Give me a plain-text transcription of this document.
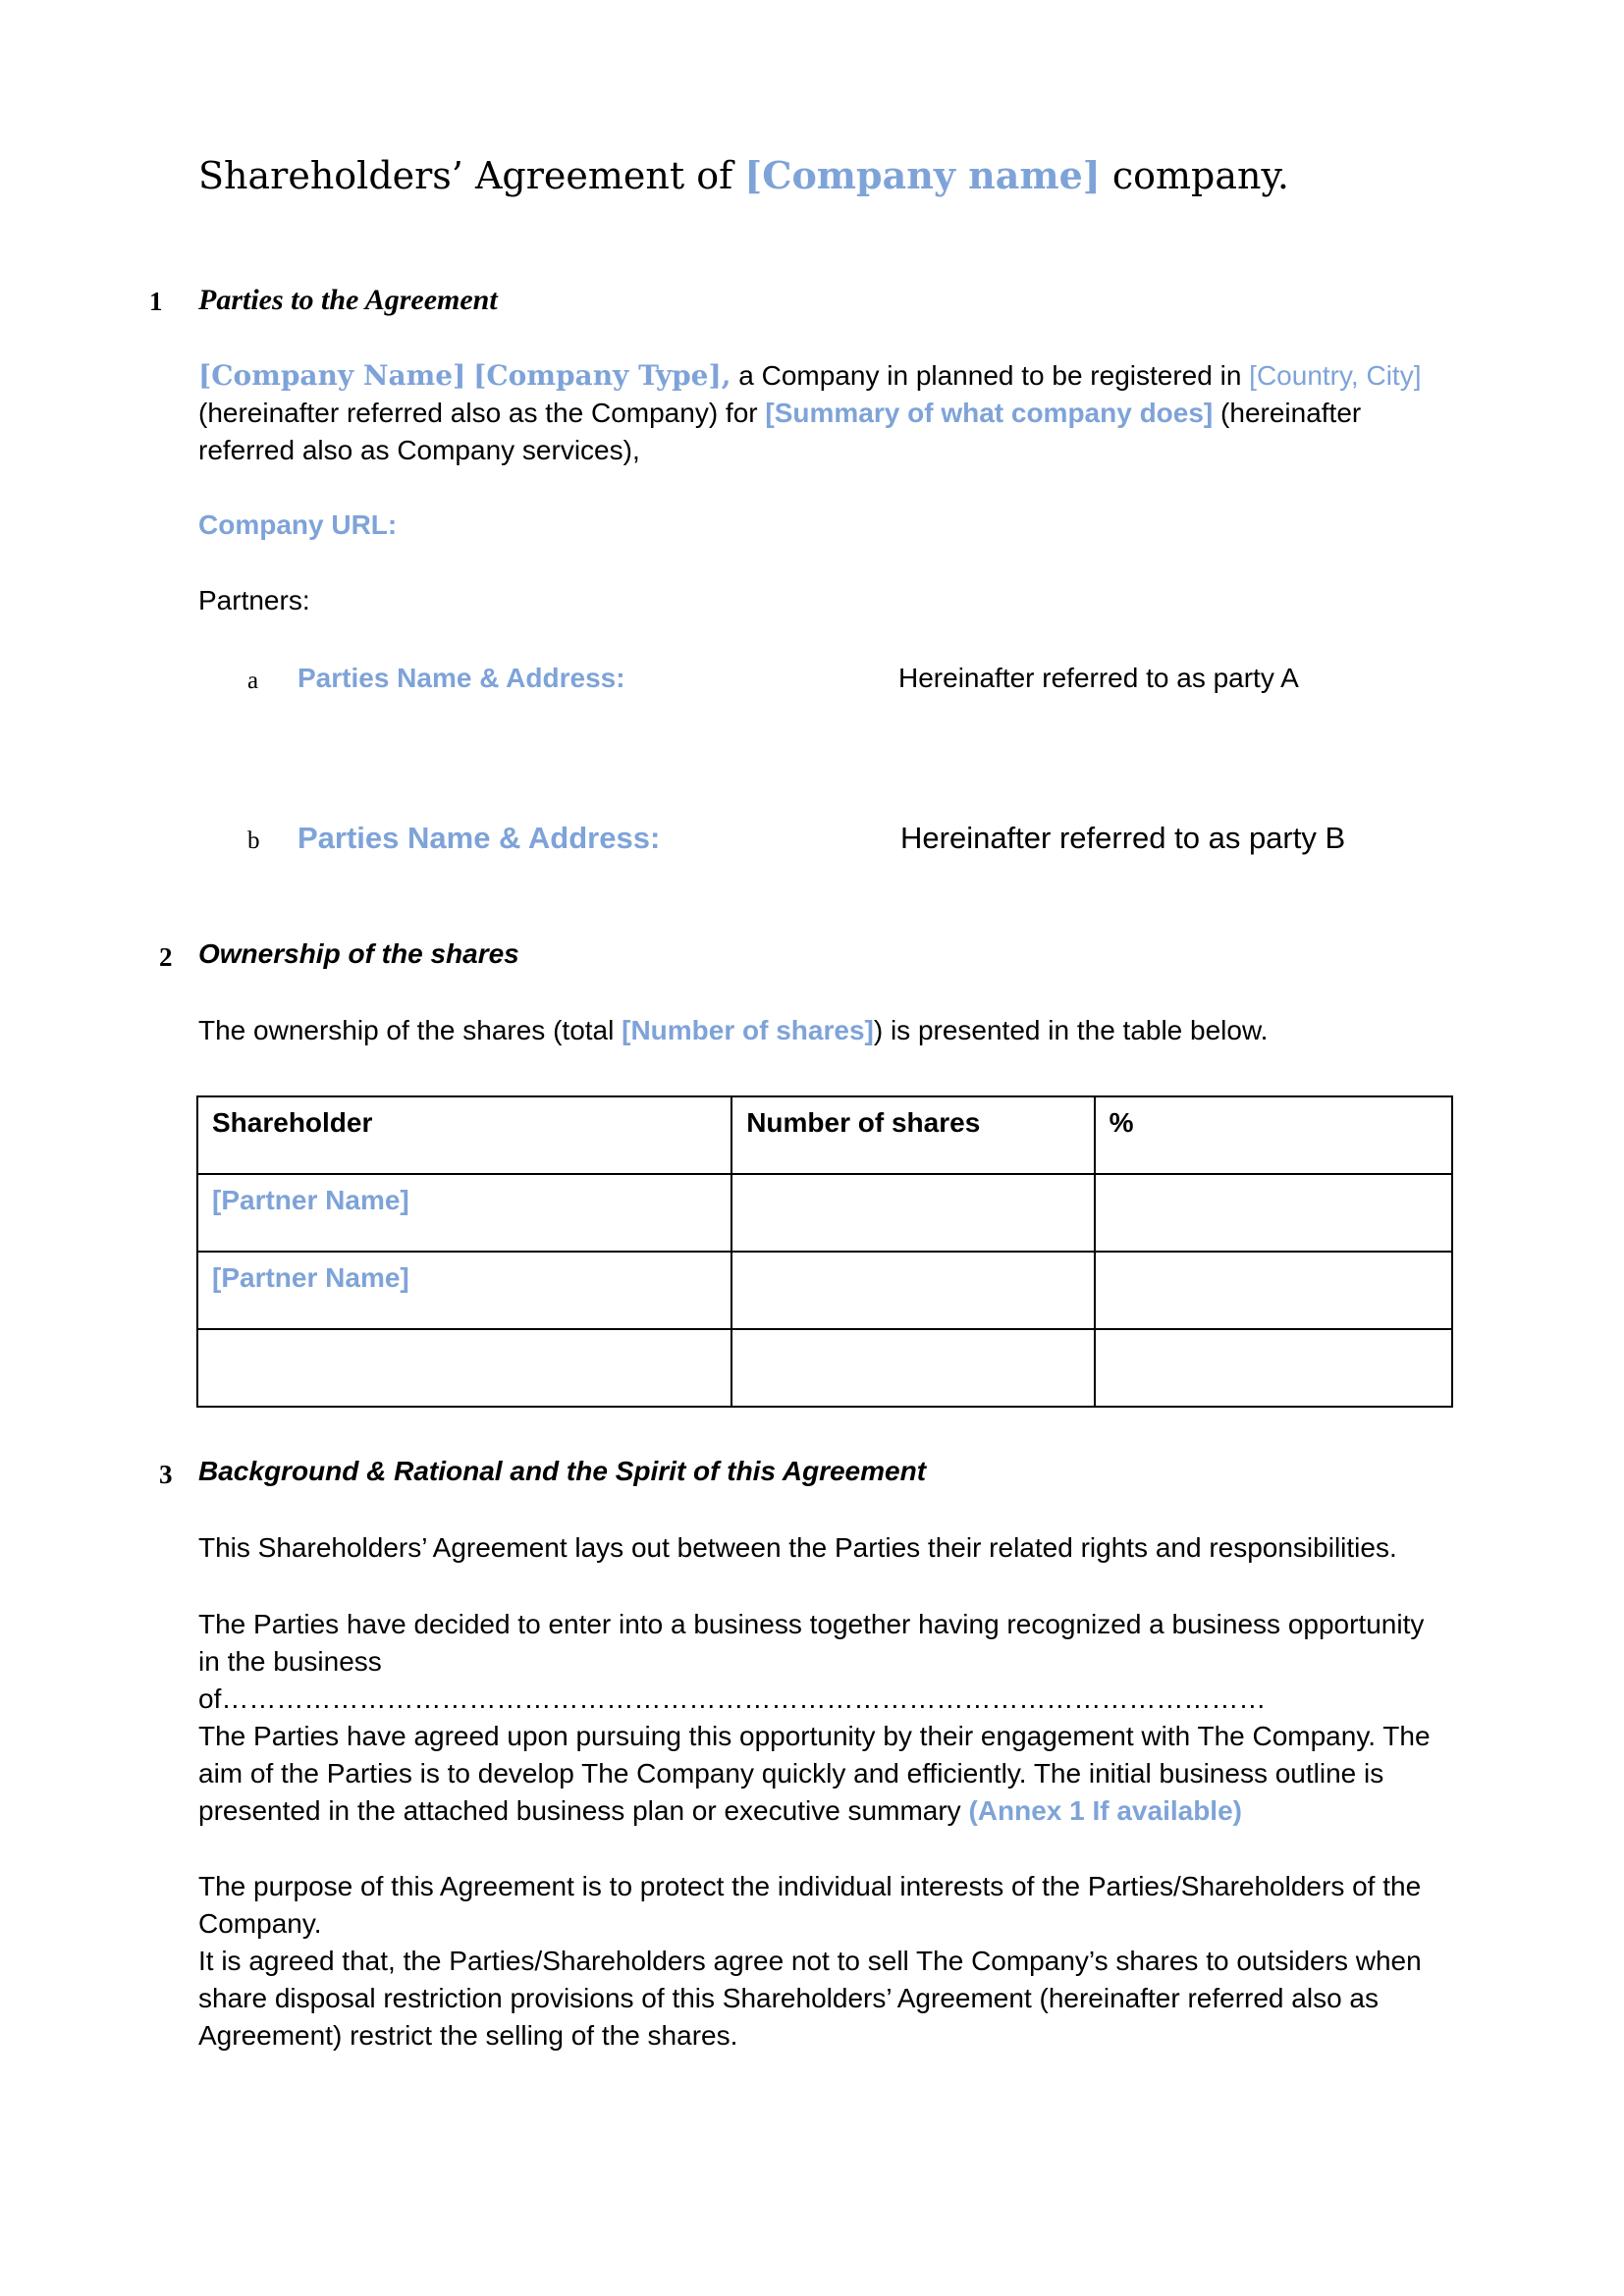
Shareholders’ Agreement of [Company name] company.
1 Parties to the Agreement
[Company Name] [Company Type], a Company in planned to be registered in [Country, City] (hereinafter referred also as the Company) for [Summary of what company does] (hereinafter referred also as Company services),
Company URL:
Partners:
a Parties Name & Address:	Hereinafter referred to as party A
b Parties Name & Address:	Hereinafter referred to as party B
2 Ownership of the shares
The ownership of the shares (total [Number of shares]) is presented in the table below.
Shareholder	Number of shares	%
[Partner Name]		
[Partner Name]		

3 Background & Rational and the Spirit of this Agreement
This Shareholders’ Agreement lays out between the Parties their related rights and responsibilities.
The Parties have decided to enter into a business together having recognized a business opportunity in the business of……………………………………………………………………………………………………
The Parties have agreed upon pursuing this opportunity by their engagement with The Company. The aim of the Parties is to develop The Company quickly and efficiently. The initial business outline is presented in the attached business plan or executive summary (Annex 1 If available)
The purpose of this Agreement is to protect the individual interests of the Parties/Shareholders of the Company.
It is agreed that, the Parties/Shareholders agree not to sell The Company’s shares to outsiders when share disposal restriction provisions of this Shareholders’ Agreement (hereinafter referred also as Agreement) restrict the selling of the shares.
